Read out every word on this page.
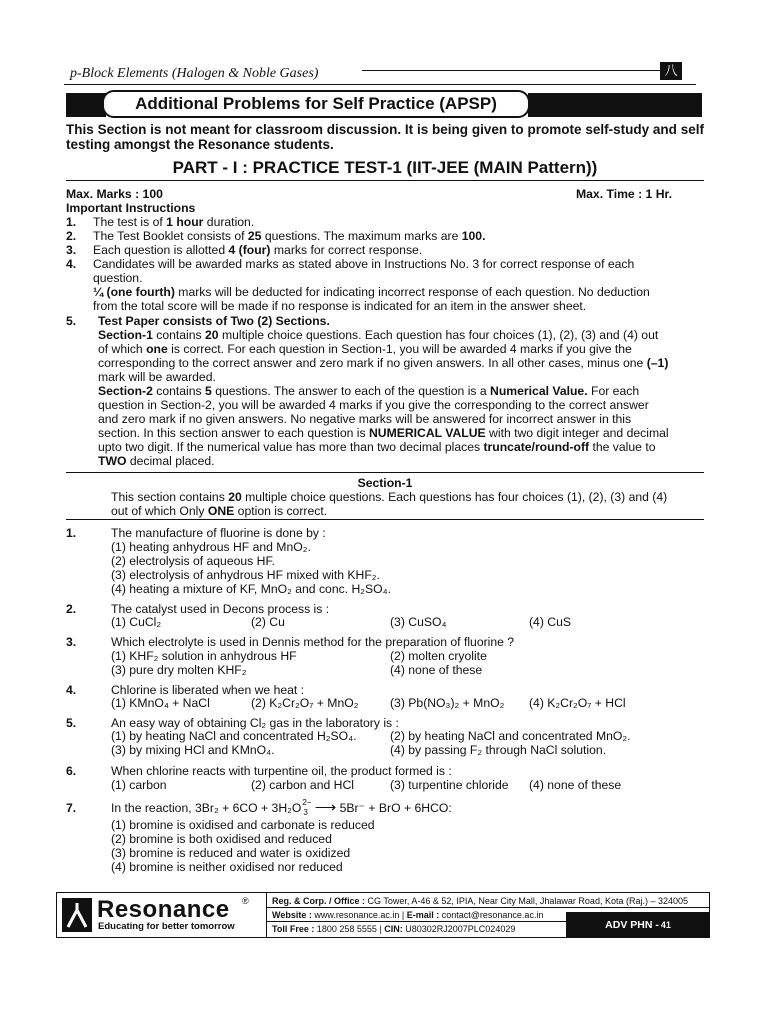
p-Block Elements (Halogen & Noble Gases)	八
Additional Problems for Self Practice (APSP)
This Section is not meant for classroom discussion. It is being given to promote self-study and self testing amongst the Resonance students.
PART - I : PRACTICE TEST-1 (IIT-JEE (MAIN Pattern))
Max. Marks : 100	Max. Time : 1 Hr.
Important Instructions
1. The test is of 1 hour duration.
2. The Test Booklet consists of 25 questions. The maximum marks are 100.
3. Each question is allotted 4 (four) marks for correct response.
4. Candidates will be awarded marks as stated above in Instructions No. 3 for correct response of each
question.
¼ (one fourth) marks will be deducted for indicating incorrect response of each question. No deduction
from the total score will be made if no response is indicated for an item in the answer sheet.
5. Test Paper consists of Two (2) Sections.
Section-1 contains 20 multiple choice questions. Each question has four choices (1), (2), (3) and (4) out
of which one is correct. For each question in Section-1, you will be awarded 4 marks if you give the
corresponding to the correct answer and zero mark if no given answers. In all other cases, minus one (–1)
mark will be awarded.
Section-2 contains 5 questions. The answer to each of the question is a Numerical Value. For each
question in Section-2, you will be awarded 4 marks if you give the corresponding to the correct answer
and zero mark if no given answers. No negative marks will be answered for incorrect answer in this
section. In this section answer to each question is NUMERICAL VALUE with two digit integer and decimal
upto two digit. If the numerical value has more than two decimal places truncate/round-off the value to
TWO decimal placed.
Section-1
This section contains 20 multiple choice questions. Each questions has four choices (1), (2), (3) and (4)
out of which Only ONE option is correct.
1.	The manufacture of fluorine is done by :
(1) heating anhydrous HF and MnO₂.
(2) electrolysis of aqueous HF.
(3) electrolysis of anhydrous HF mixed with KHF₂.
(4) heating a mixture of KF, MnO₂ and conc. H₂SO₄.
2.	The catalyst used in Decons process is :
(1) CuCl₂	(2) Cu	(3) CuSO₄	(4) CuS
3.	Which electrolyte is used in Dennis method for the preparation of fluorine ?
(1) KHF₂ solution in anhydrous HF	(2) molten cryolite
(3) pure dry molten KHF₂	(4) none of these
4.	Chlorine is liberated when we heat :
(1) KMnO₄ + NaCl	(2) K₂Cr₂O₇ + MnO₂	(3) Pb(NO₃)₂ + MnO₂ (4) K₂Cr₂O₇ + HCl
5.	An easy way of obtaining Cl₂ gas in the laboratory is :
(1) by heating NaCl and concentrated H₂SO₄.	(2) by heating NaCl and concentrated MnO₂.
(3) by mixing HCl and KMnO₄.	(4) by passing F₂ through NaCl solution.
6.	When chlorine reacts with turpentine oil, the product formed is :
(1) carbon	(2) carbon and HCl	(3) turpentine chloride (4) none of these
7.	In the reaction, 3Br₂ + 6CO + 3H₂O 2−
3 ⟶ 5Br⁻ + BrO + 6HCO:
(1) bromine is oxidised and carbonate is reduced
(2) bromine is both oxidised and reduced
(3) bromine is reduced and water is oxidized
(4) bromine is neither oxidised nor reduced
Resonance ®
Educating for better tomorrow
Reg. & Corp. / Office : CG Tower, A-46 & 52, IPIA, Near City Mall, Jhalawar Road, Kota (Raj.) – 324005
Website : www.resonance.ac.in | E-mail : contact@resonance.ac.in
Toll Free : 1800 258 5555 | CIN: U80302RJ2007PLC024029	ADV PHN - 41
